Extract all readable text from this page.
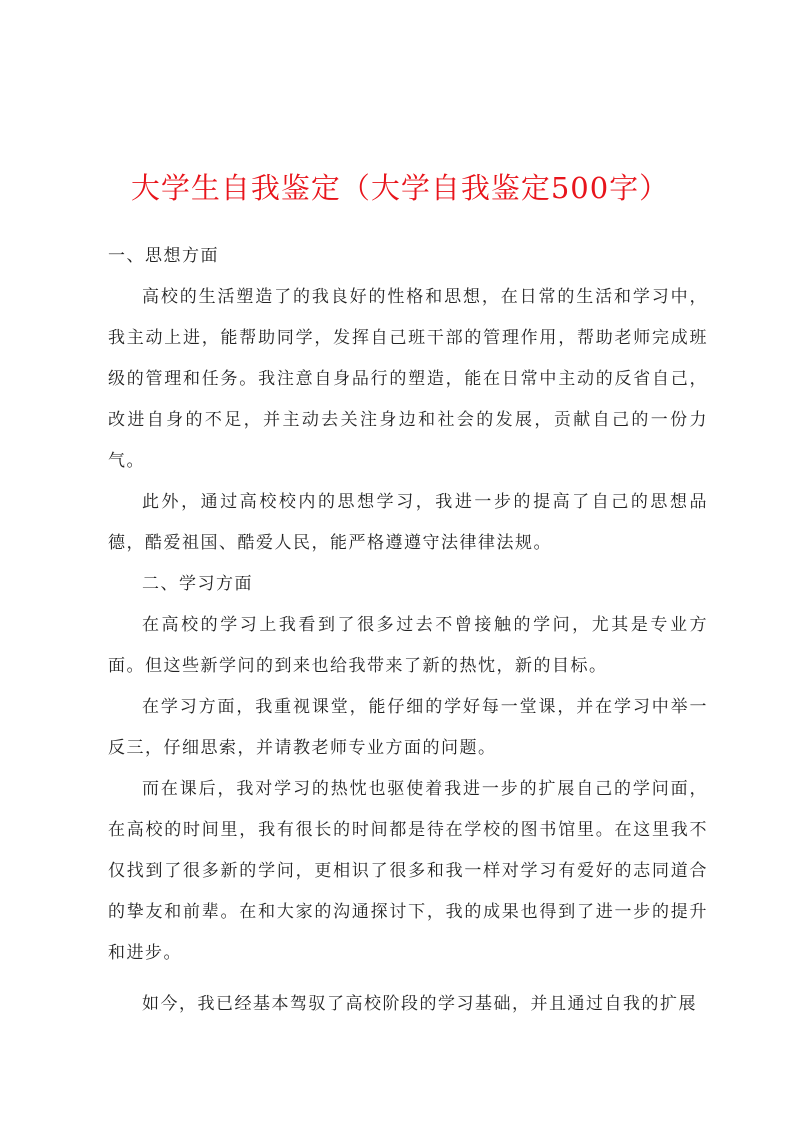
大学生自我鉴定（大学自我鉴定500字）

一、思想方面

高校的生活塑造了的我良好的性格和思想，在日常的生活和学习中，我主动上进，能帮助同学，发挥自己班干部的管理作用，帮助老师完成班级的管理和任务。我注意自身品行的塑造，能在日常中主动的反省自己，改进自身的不足，并主动去关注身边和社会的发展，贡献自己的一份力气。

此外，通过高校校内的思想学习，我进一步的提高了自己的思想品德，酷爱祖国、酷爱人民，能严格遵遵守法律律法规。

二、学习方面

在高校的学习上我看到了很多过去不曾接触的学问，尤其是专业方面。但这些新学问的到来也给我带来了新的热忱，新的目标。

在学习方面，我重视课堂，能仔细的学好每一堂课，并在学习中举一反三，仔细思索，并请教老师专业方面的问题。

而在课后，我对学习的热忱也驱使着我进一步的扩展自己的学问面，在高校的时间里，我有很长的时间都是待在学校的图书馆里。在这里我不仅找到了很多新的学问，更相识了很多和我一样对学习有爱好的志同道合的挚友和前辈。在和大家的沟通探讨下，我的成果也得到了进一步的提升和进步。

如今，我已经基本驾驭了高校阶段的学习基础，并且通过自我的扩展
